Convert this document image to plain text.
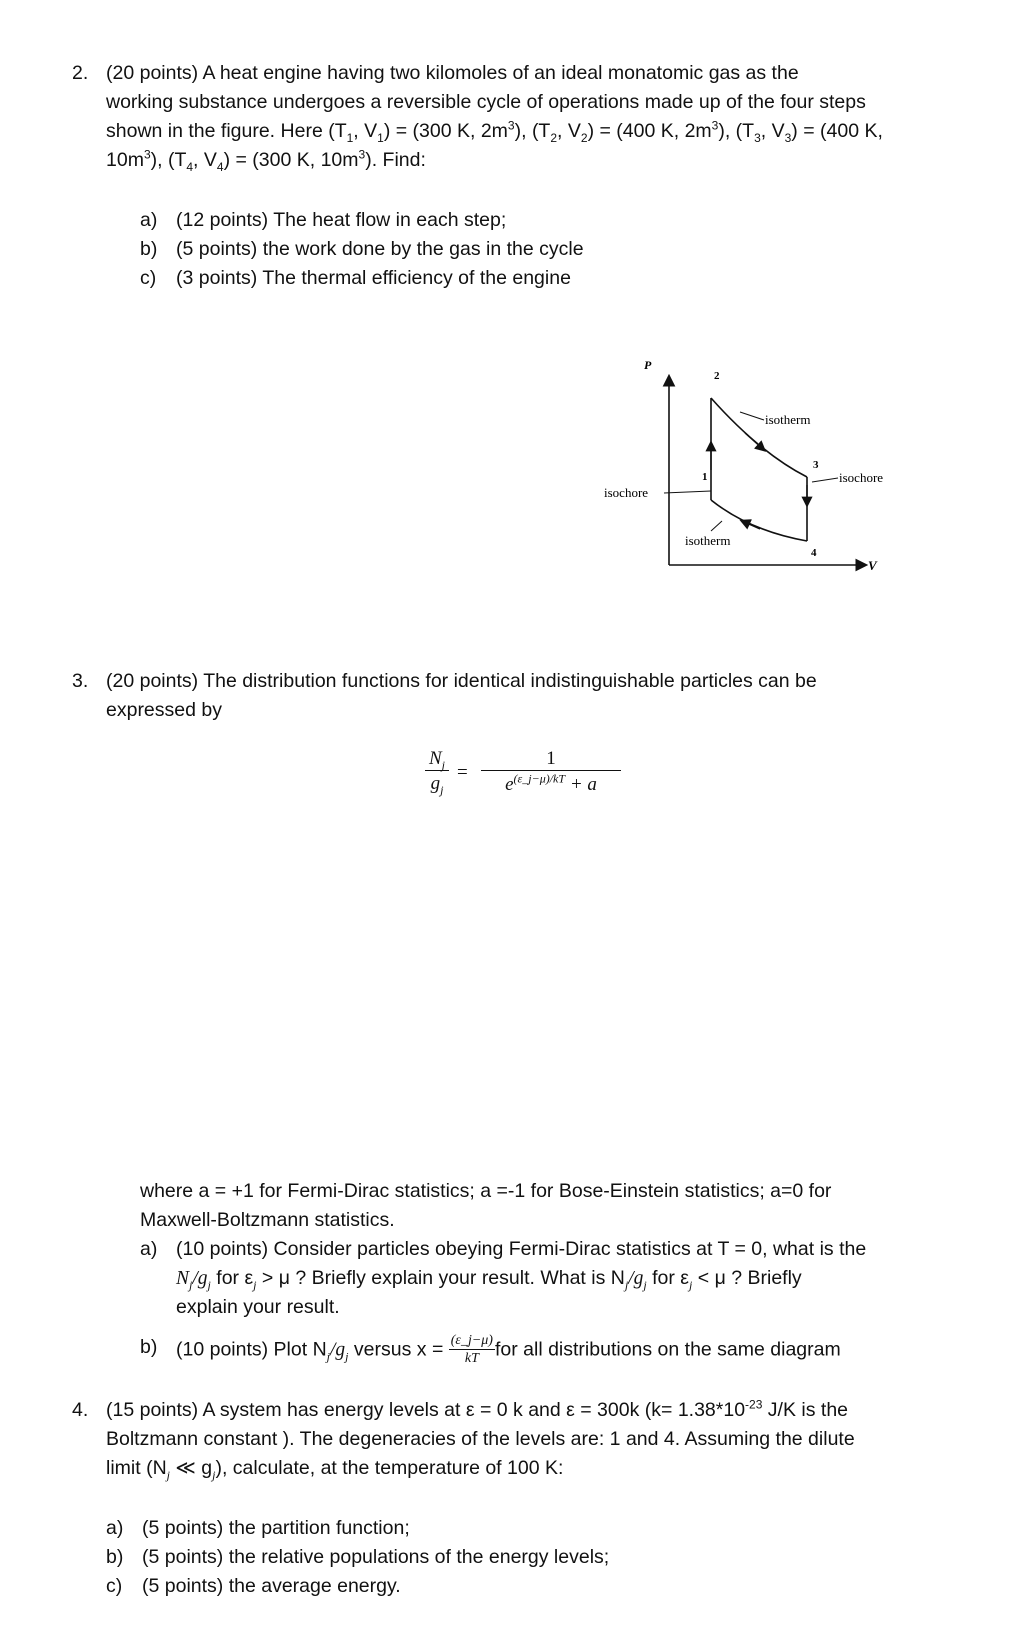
2. (20 points) A heat engine having two kilomoles of an ideal monatomic gas as the

working substance undergoes a reversible cycle of operations made up of the four steps

shown in the figure. Here ($T_1$, $V_1) = (300$ K, $2m^3$), ($T_2$, $V_2) = (400$ K, $2m^3$), ($T_3$, $V_3) = (400$ K,

$10m^3$), ($T_4$, $V_4) = (300$ K, $10m^3$). Find:

a) (12 points) The heat flow in each step;

b) (5 points) the work done by the gas in the cycle

c) (3 points) The thermal efficiency of the engine

P
V
1
2
3
4
isotherm
isochore
isochore
isotherm
3. (20 points) The distribution functions for identical indistinguishable particles can be

expressed by

$N_j$
$g_j$
=
1
$e^{(\varepsilon\_j-\mu)/kT} + a$

where a = +1 for Fermi-Dirac statistics; a =-1 for Bose-Einstein statistics; a=0 for

Maxwell-Boltzmann statistics.

a) (10 points) Consider particles obeying Fermi-Dirac statistics at T = 0, what is the

$N_j/g_j$ for $\varepsilon_j > \mu$ ? Briefly explain your result. What is $N_j/g_j$ for $\varepsilon_j < \mu$ ? Briefly

explain your result.

b) (10 points) Plot $N_j/g_j$ versus $x = \frac{(\varepsilon\_j-\mu)}{kT}$ for all distributions on the same diagram

4. (15 points) A system has energy levels at ε = 0 k and ε = 300k ($k= 1.38*10^{-23}$ J/K is the

Boltzmann constant ). The degeneracies of the levels are: 1 and 4. Assuming the dilute

limit ($N_j$ ≪ $g_j$), calculate, at the temperature of 100 K:

a) (5 points) the partition function;

b) (5 points) the relative populations of the energy levels;

c) (5 points) the average energy.
